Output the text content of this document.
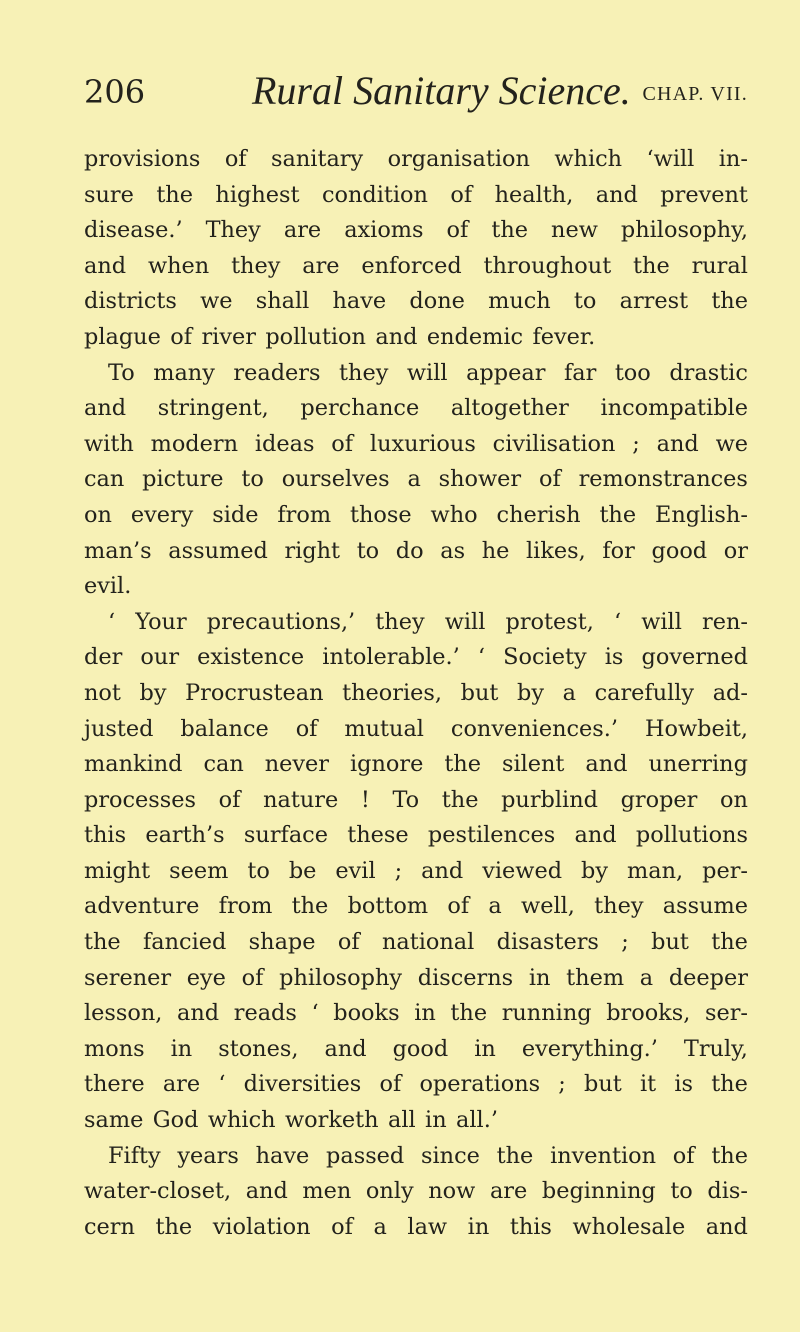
206	Rural Sanitary Science. CHAP. VII.
provisions of sanitary organisation which ‘will in-
sure the highest condition of health, and prevent
disease.’ They are axioms of the new philosophy,
and when they are enforced throughout the rural
districts we shall have done much to arrest the
plague of river pollution and endemic fever.
To many readers they will appear far too drastic
and stringent, perchance altogether incompatible
with modern ideas of luxurious civilisation ; and we
can picture to ourselves a shower of remonstrances
on every side from those who cherish the English-
man’s assumed right to do as he likes, for good or
evil.
‘ Your precautions,’ they will protest, ‘ will ren-
der our existence intolerable.’ ‘ Society is governed
not by Procrustean theories, but by a carefully ad-
justed balance of mutual conveniences.’ Howbeit,
mankind can never ignore the silent and unerring
processes of nature ! To the purblind groper on
this earth’s surface these pestilences and pollutions
might seem to be evil ; and viewed by man, per-
adventure from the bottom of a well, they assume
the fancied shape of national disasters ; but the
serener eye of philosophy discerns in them a deeper
lesson, and reads ‘ books in the running brooks, ser-
mons in stones, and good in everything.’ Truly,
there are ‘ diversities of operations ; but it is the
same God which worketh all in all.’
Fifty years have passed since the invention of the
water-closet, and men only now are beginning to dis-
cern the violation of a law in this wholesale and
